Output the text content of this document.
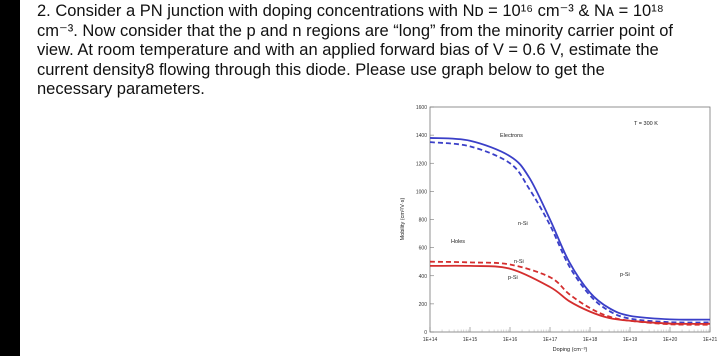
2. Consider a PN junction with doping concentrations with Nᴅ = 10¹⁶ cm⁻³ & Nᴀ = 10¹⁸
cm⁻³. Now consider that the p and n regions are “long” from the minority carrier point of
view. At room temperature and with an applied forward bias of V = 0.6 V, estimate the
current density8 flowing through this diode. Please use graph below to get the
necessary parameters.
0
200
400
600
800
1000
1200
1400
1600
1E+14	1E+15	1E+16	1E+17	1E+18	1E+19	1E+20	1E+21
T = 300 K
Electrons
n-Si
Holes
n-Si
p-Si	p-Si
Doping (cm⁻³)
Mobility (cm²/V·s)
